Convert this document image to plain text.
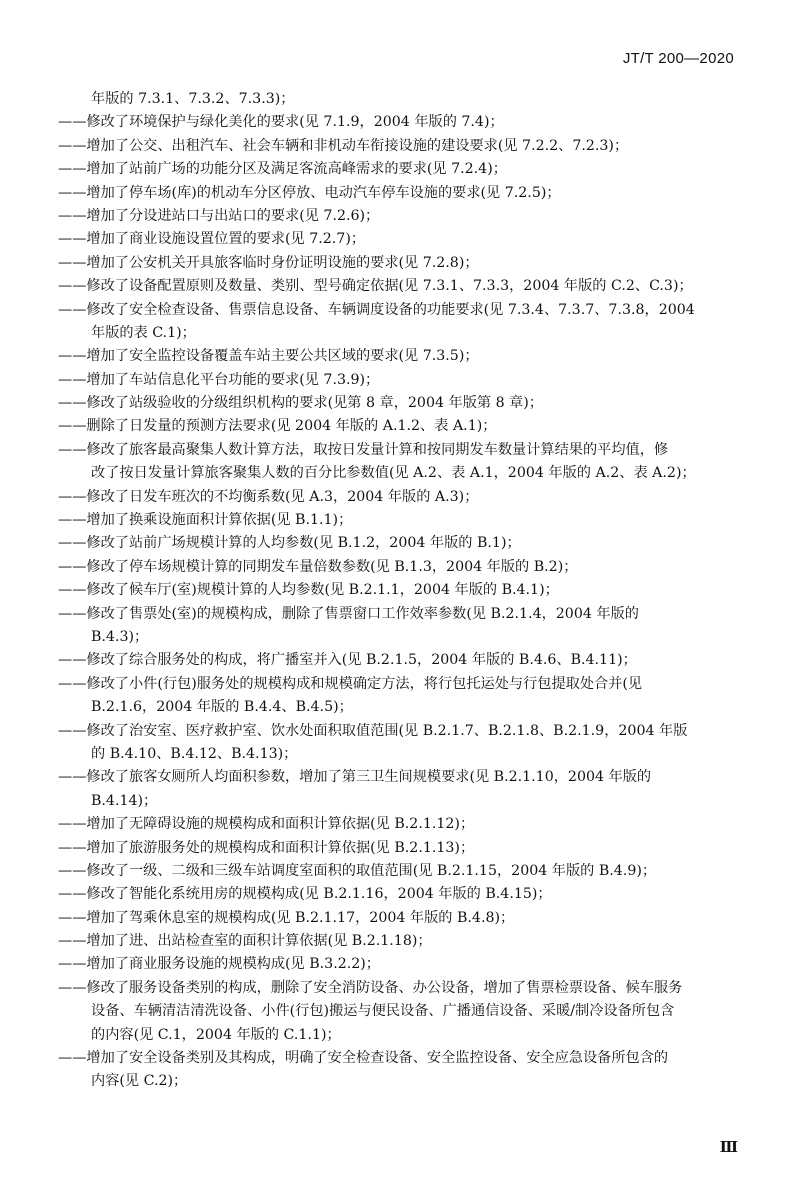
JT/T 200—2020
年版的 7.3.1、7.3.2、7.3.3)；
——修改了环境保护与绿化美化的要求(见 7.1.9，2004 年版的 7.4)；
——增加了公交、出租汽车、社会车辆和非机动车衔接设施的建设要求(见 7.2.2、7.2.3)；
——增加了站前广场的功能分区及满足客流高峰需求的要求(见 7.2.4)；
——增加了停车场(库)的机动车分区停放、电动汽车停车设施的要求(见 7.2.5)；
——增加了分设进站口与出站口的要求(见 7.2.6)；
——增加了商业设施设置位置的要求(见 7.2.7)；
——增加了公安机关开具旅客临时身份证明设施的要求(见 7.2.8)；
——修改了设备配置原则及数量、类别、型号确定依据(见 7.3.1、7.3.3，2004 年版的 C.2、C.3)；
——修改了安全检查设备、售票信息设备、车辆调度设备的功能要求(见 7.3.4、7.3.7、7.3.8，2004
年版的表 C.1)；
——增加了安全监控设备覆盖车站主要公共区域的要求(见 7.3.5)；
——增加了车站信息化平台功能的要求(见 7.3.9)；
——修改了站级验收的分级组织机构的要求(见第 8 章，2004 年版第 8 章)；
——删除了日发量的预测方法要求(见 2004 年版的 A.1.2、表 A.1)；
——修改了旅客最高聚集人数计算方法，取按日发量计算和按同期发车数量计算结果的平均值，修
改了按日发量计算旅客聚集人数的百分比参数值(见 A.2、表 A.1，2004 年版的 A.2、表 A.2)；
——修改了日发车班次的不均衡系数(见 A.3，2004 年版的 A.3)；
——增加了换乘设施面积计算依据(见 B.1.1)；
——修改了站前广场规模计算的人均参数(见 B.1.2，2004 年版的 B.1)；
——修改了停车场规模计算的同期发车量倍数参数(见 B.1.3，2004 年版的 B.2)；
——修改了候车厅(室)规模计算的人均参数(见 B.2.1.1，2004 年版的 B.4.1)；
——修改了售票处(室)的规模构成，删除了售票窗口工作效率参数(见 B.2.1.4，2004 年版的
B.4.3)；
——修改了综合服务处的构成，将广播室并入(见 B.2.1.5，2004 年版的 B.4.6、B.4.11)；
——修改了小件(行包)服务处的规模构成和规模确定方法，将行包托运处与行包提取处合并(见
B.2.1.6，2004 年版的 B.4.4、B.4.5)；
——修改了治安室、医疗救护室、饮水处面积取值范围(见 B.2.1.7、B.2.1.8、B.2.1.9，2004 年版
的 B.4.10、B.4.12、B.4.13)；
——修改了旅客女厕所人均面积参数，增加了第三卫生间规模要求(见 B.2.1.10，2004 年版的
B.4.14)；
——增加了无障碍设施的规模构成和面积计算依据(见 B.2.1.12)；
——增加了旅游服务处的规模构成和面积计算依据(见 B.2.1.13)；
——修改了一级、二级和三级车站调度室面积的取值范围(见 B.2.1.15，2004 年版的 B.4.9)；
——修改了智能化系统用房的规模构成(见 B.2.1.16，2004 年版的 B.4.15)；
——增加了驾乘休息室的规模构成(见 B.2.1.17，2004 年版的 B.4.8)；
——增加了进、出站检查室的面积计算依据(见 B.2.1.18)；
——增加了商业服务设施的规模构成(见 B.3.2.2)；
——修改了服务设备类别的构成，删除了安全消防设备、办公设备，增加了售票检票设备、候车服务
设备、车辆清洁清洗设备、小件(行包)搬运与便民设备、广播通信设备、采暖/制冷设备所包含
的内容(见 C.1，2004 年版的 C.1.1)；
——增加了安全设备类别及其构成，明确了安全检查设备、安全监控设备、安全应急设备所包含的
内容(见 C.2)；
Ⅲ
